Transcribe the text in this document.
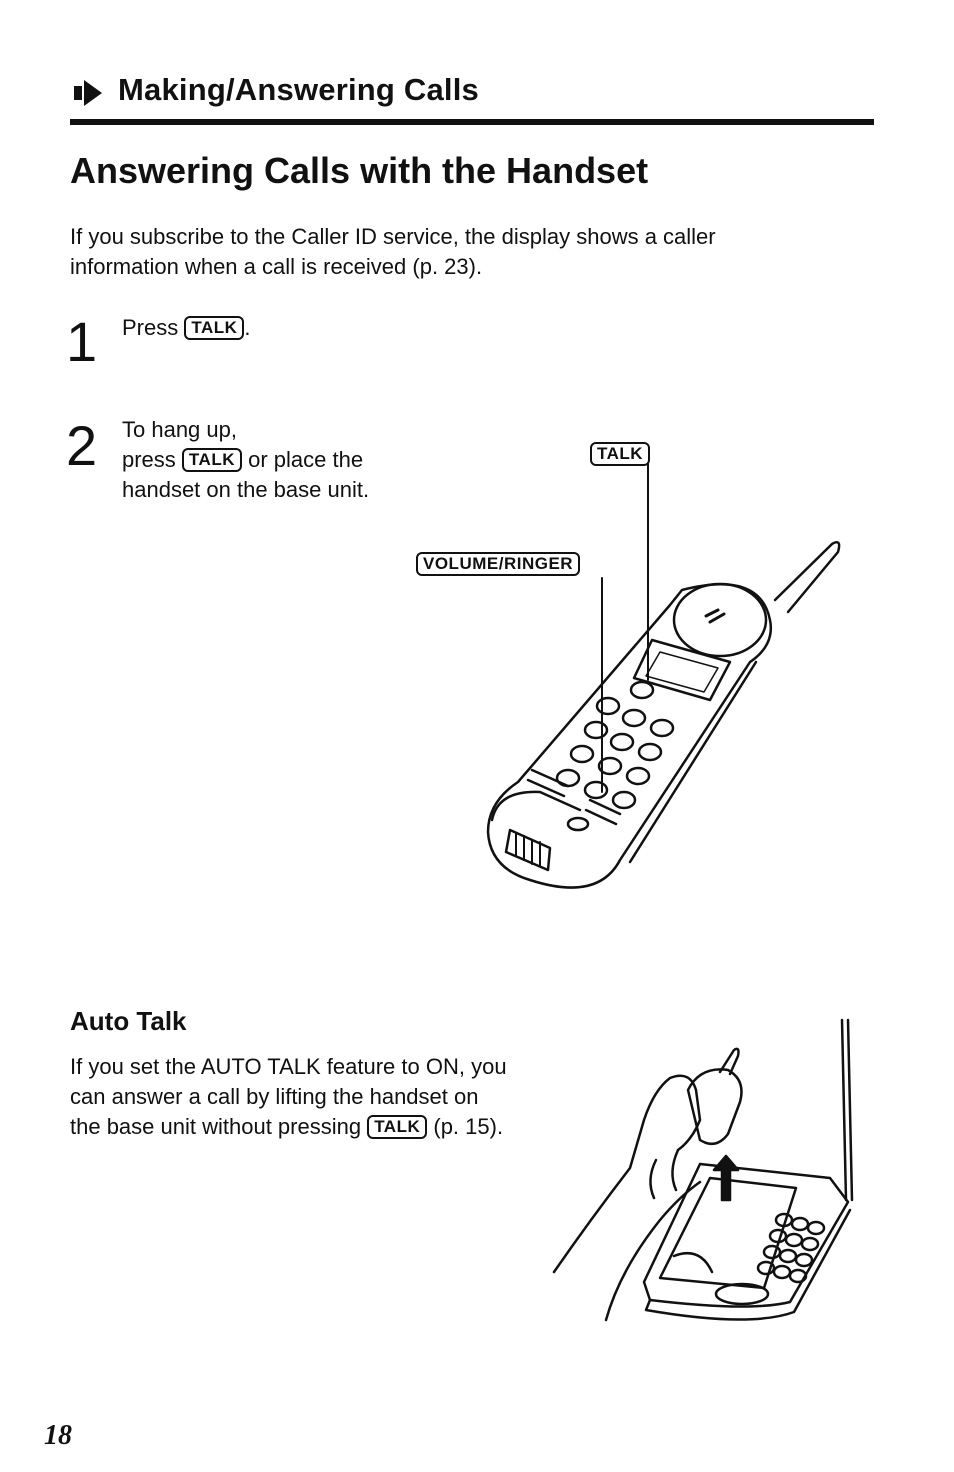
Making/Answering Calls
Answering Calls with the Handset

If you subscribe to the Caller ID service, the display shows a caller information when a call is received (p. 23).

1 Press TALK .
2 To hang up,
press TALK or place the
handset on the base unit.
TALK
VOLUME/RINGER
Auto Talk

If you set the AUTO TALK feature to ON, you can answer a call by lifting the handset on the base unit without pressing TALK (p. 15).

18
